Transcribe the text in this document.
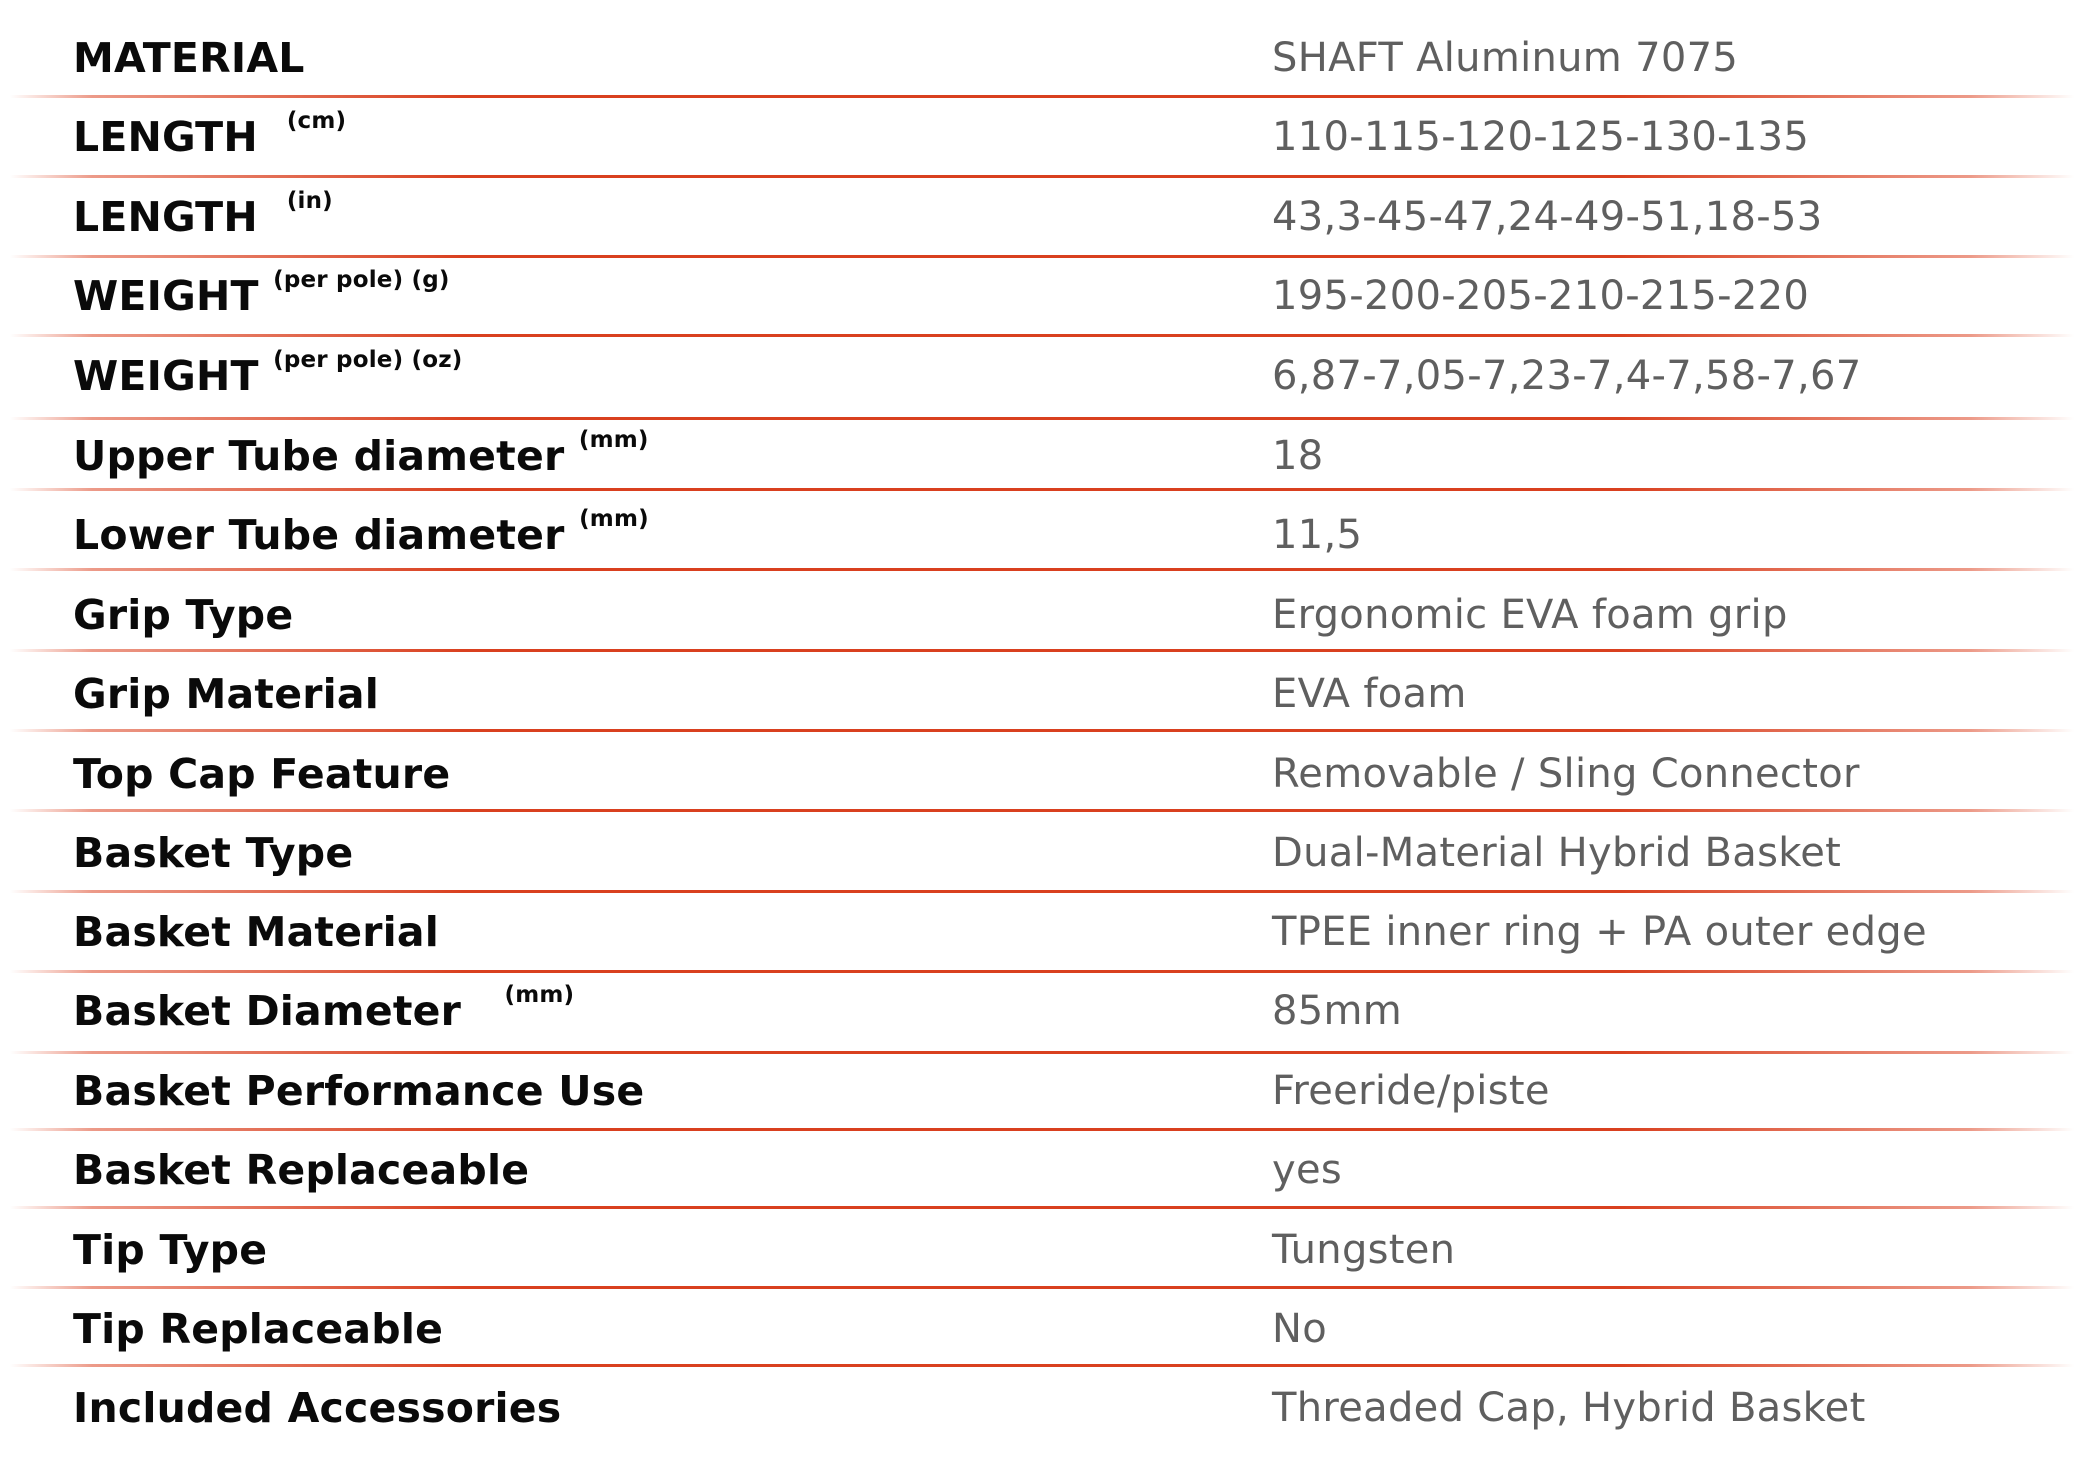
MATERIAL	SHAFT Aluminum 7075
LENGTH $^{(cm)}$	110-115-120-125-130-135
LENGTH $^{(in)}$	43,3-45-47,24-49-51,18-53
WEIGHT $^{(per pole) (g)}$	195-200-205-210-215-220
WEIGHT $^{(per pole) (oz)}$	6,87-7,05-7,23-7,4-7,58-7,67
Upper Tube diameter $^{(mm)}$	18
Lower Tube diameter $^{(mm)}$	11,5
Grip Type	Ergonomic EVA foam grip
Grip Material	EVA foam
Top Cap Feature	Removable / Sling Connector
Basket Type	Dual-Material Hybrid Basket
Basket Material	TPEE inner ring + PA outer edge
Basket Diameter $^{(mm)}$	85mm
Basket Performance Use	Freeride/piste
Basket Replaceable	yes
Tip Type	Tungsten
Tip Replaceable	No
Included Accessories	Threaded Cap, Hybrid Basket
